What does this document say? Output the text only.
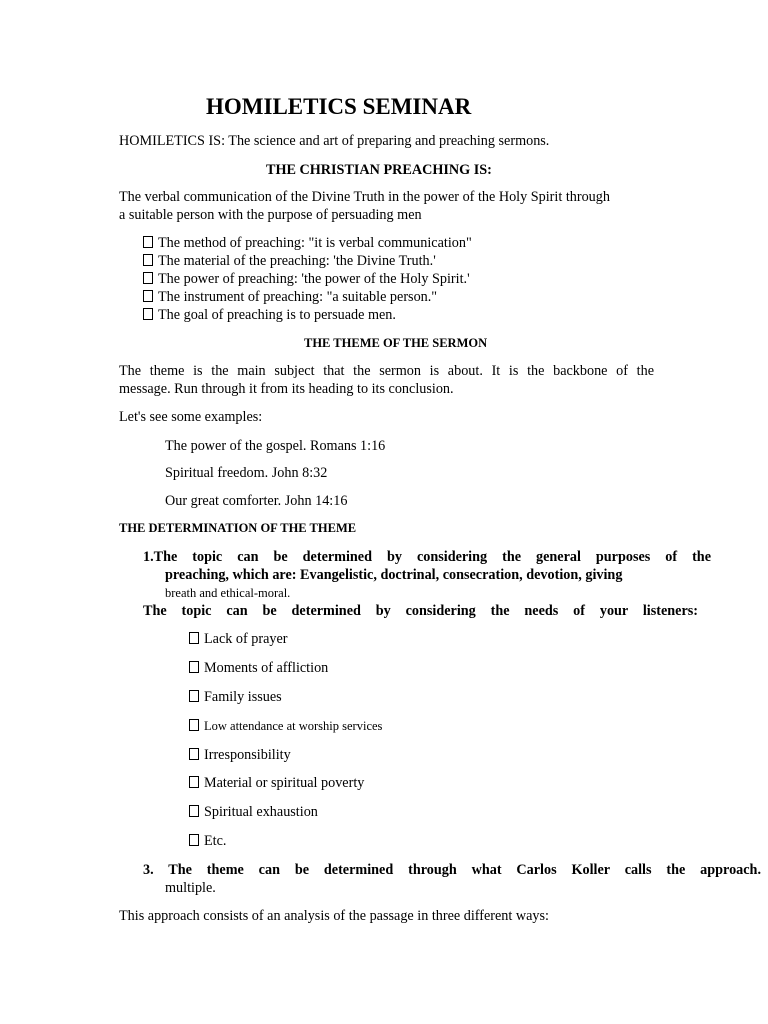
HOMILETICS SEMINAR
HOMILETICS IS: The science and art of preparing and preaching sermons.
THE CHRISTIAN PREACHING IS:
The verbal communication of the Divine Truth in the power of the Holy Spirit through
a suitable person with the purpose of persuading men
The method of preaching: "it is verbal communication"
The material of the preaching: 'the Divine Truth.'
The power of preaching: 'the power of the Holy Spirit.'
The instrument of preaching: "a suitable person."
The goal of preaching is to persuade men.
THE THEME OF THE SERMON
The theme is the main subject that the sermon is about. It is the backbone of the
message. Run through it from its heading to its conclusion.
Let's see some examples:
The power of the gospel. Romans 1:16
Spiritual freedom. John 8:32
Our great comforter. John 14:16
THE DETERMINATION OF THE THEME
1.The topic can be determined by considering the general purposes of the
preaching, which are: Evangelistic, doctrinal, consecration, devotion, giving
breath and ethical-moral.
The topic can be determined by considering the needs of your listeners:
Lack of prayer
Moments of affliction
Family issues
Low attendance at worship services
Irresponsibility
Material or spiritual poverty
Spiritual exhaustion
Etc.
3. The theme can be determined through what Carlos Koller calls the approach.
multiple.
This approach consists of an analysis of the passage in three different ways:
